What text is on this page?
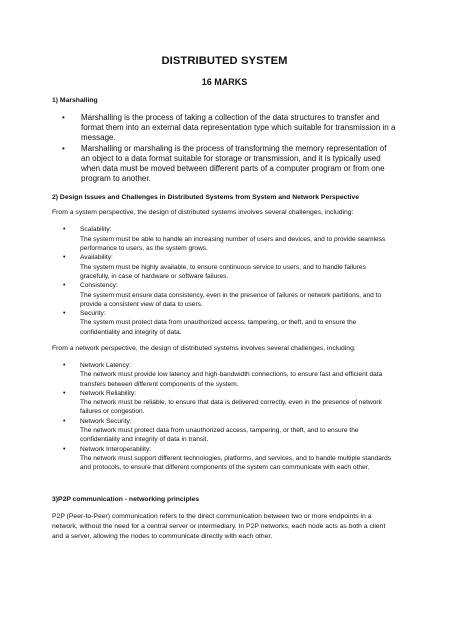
DISTRIBUTED SYSTEM
16 MARKS
1) Marshalling
• Marshalling is the process of taking a collection of the data structures to transfer and format them into an external data representation type which suitable for transmission in a message.
• Marshalling or marshaling is the process of transforming the memory representation of an object to a data format suitable for storage or transmission, and it is typically used when data must be moved between different parts of a computer program or from one program to another.
2) Design Issues and Challenges in Distributed Systems from System and Network Perspective

From a system perspective, the design of distributed systems involves several challenges, including:

• Scalability:
The system must be able to handle an increasing number of users and devices, and to provide seamless performance to users, as the system grows.
• Availability:
The system must be highly available, to ensure continuous service to users, and to handle failures gracefully, in case of hardware or software failures.
• Consistency:
The system must ensure data consistency, even in the presence of failures or network partitions, and to provide a consistent view of data to users.
• Security:
The system must protect data from unauthorized access, tampering, or theft, and to ensure the confidentiality and integrity of data.

From a network perspective, the design of distributed systems involves several challenges, including:

• Network Latency:
The network must provide low latency and high-bandwidth connections, to ensure fast and efficient data transfers between different components of the system.
• Network Reliability:
The network must be reliable, to ensure that data is delivered correctly, even in the presence of network failures or congestion.
• Network Security:
The network must protect data from unauthorized access, tampering, or theft, and to ensure the confidentiality and integrity of data in transit.
• Network Interoperability:
The network must support different technologies, platforms, and services, and to handle multiple standards and protocols, to ensure that different components of the system can communicate with each other.
3)P2P communication - networking principles

P2P (Peer-to-Peer) communication refers to the direct communication between two or more endpoints in a network, without the need for a central server or intermediary. In P2P networks, each node acts as both a client and a server, allowing the nodes to communicate directly with each other.
